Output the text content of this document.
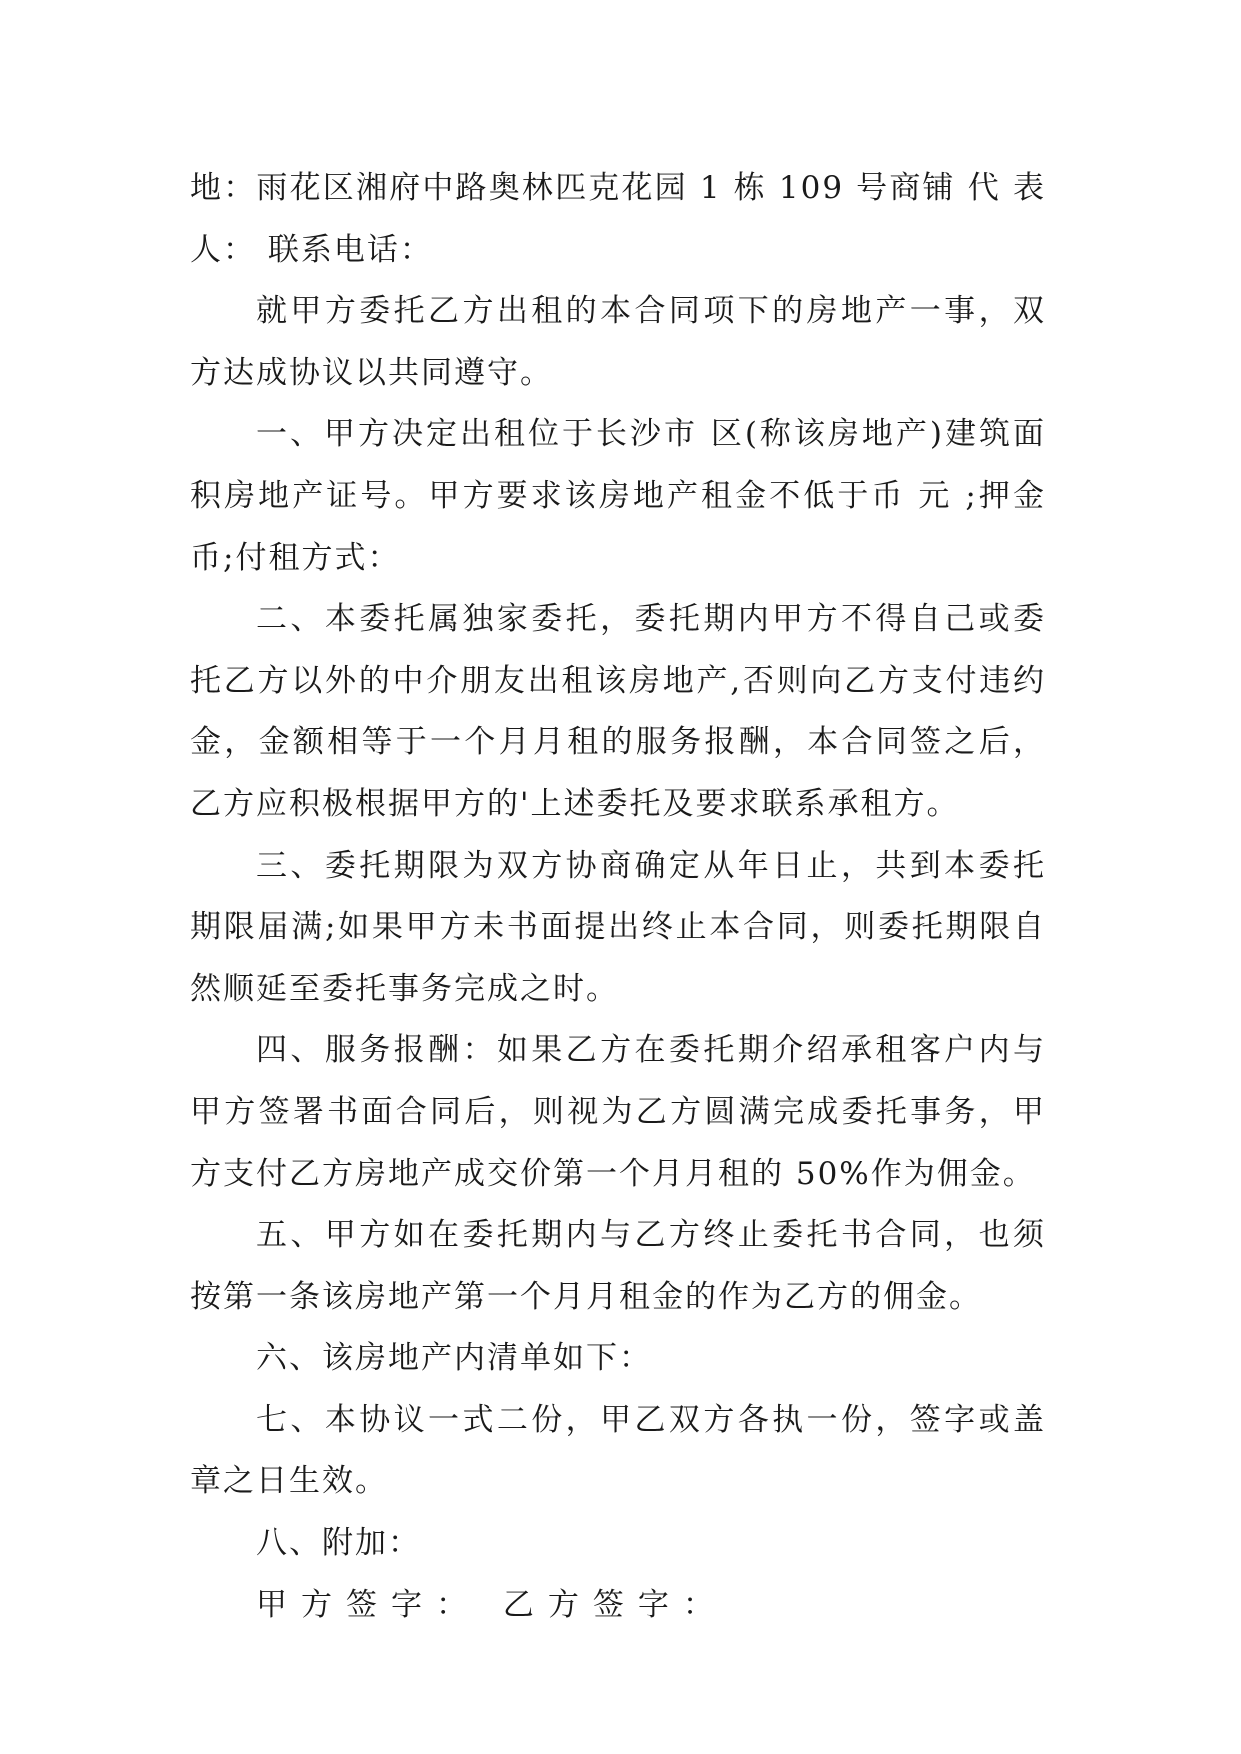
地：雨花区湘府中路奥林匹克花园 1 栋 109 号商铺 代 表人： 联系电话：

就甲方委托乙方出租的本合同项下的房地产一事，双方达成协议以共同遵守。

一、甲方决定出租位于长沙市 区(称该房地产)建筑面积房地产证号。甲方要求该房地产租金不低于币 元 ;押金币;付租方式：

二、本委托属独家委托，委托期内甲方不得自己或委托乙方以外的中介朋友出租该房地产,否则向乙方支付违约金，金额相等于一个月月租的服务报酬，本合同签之后，乙方应积极根据甲方的'上述委托及要求联系承租方。

三、委托期限为双方协商确定从年日止，共到本委托期限届满;如果甲方未书面提出终止本合同，则委托期限自然顺延至委托事务完成之时。

四、服务报酬：如果乙方在委托期介绍承租客户内与甲方签署书面合同后，则视为乙方圆满完成委托事务，甲方支付乙方房地产成交价第一个月月租的 50%作为佣金。

五、甲方如在委托期内与乙方终止委托书合同，也须按第一条该房地产第一个月月租金的作为乙方的佣金。

六、该房地产内清单如下：

七、本协议一式二份，甲乙双方各执一份，签字或盖章之日生效。

八、附加：

甲方签字： 乙方签字：
